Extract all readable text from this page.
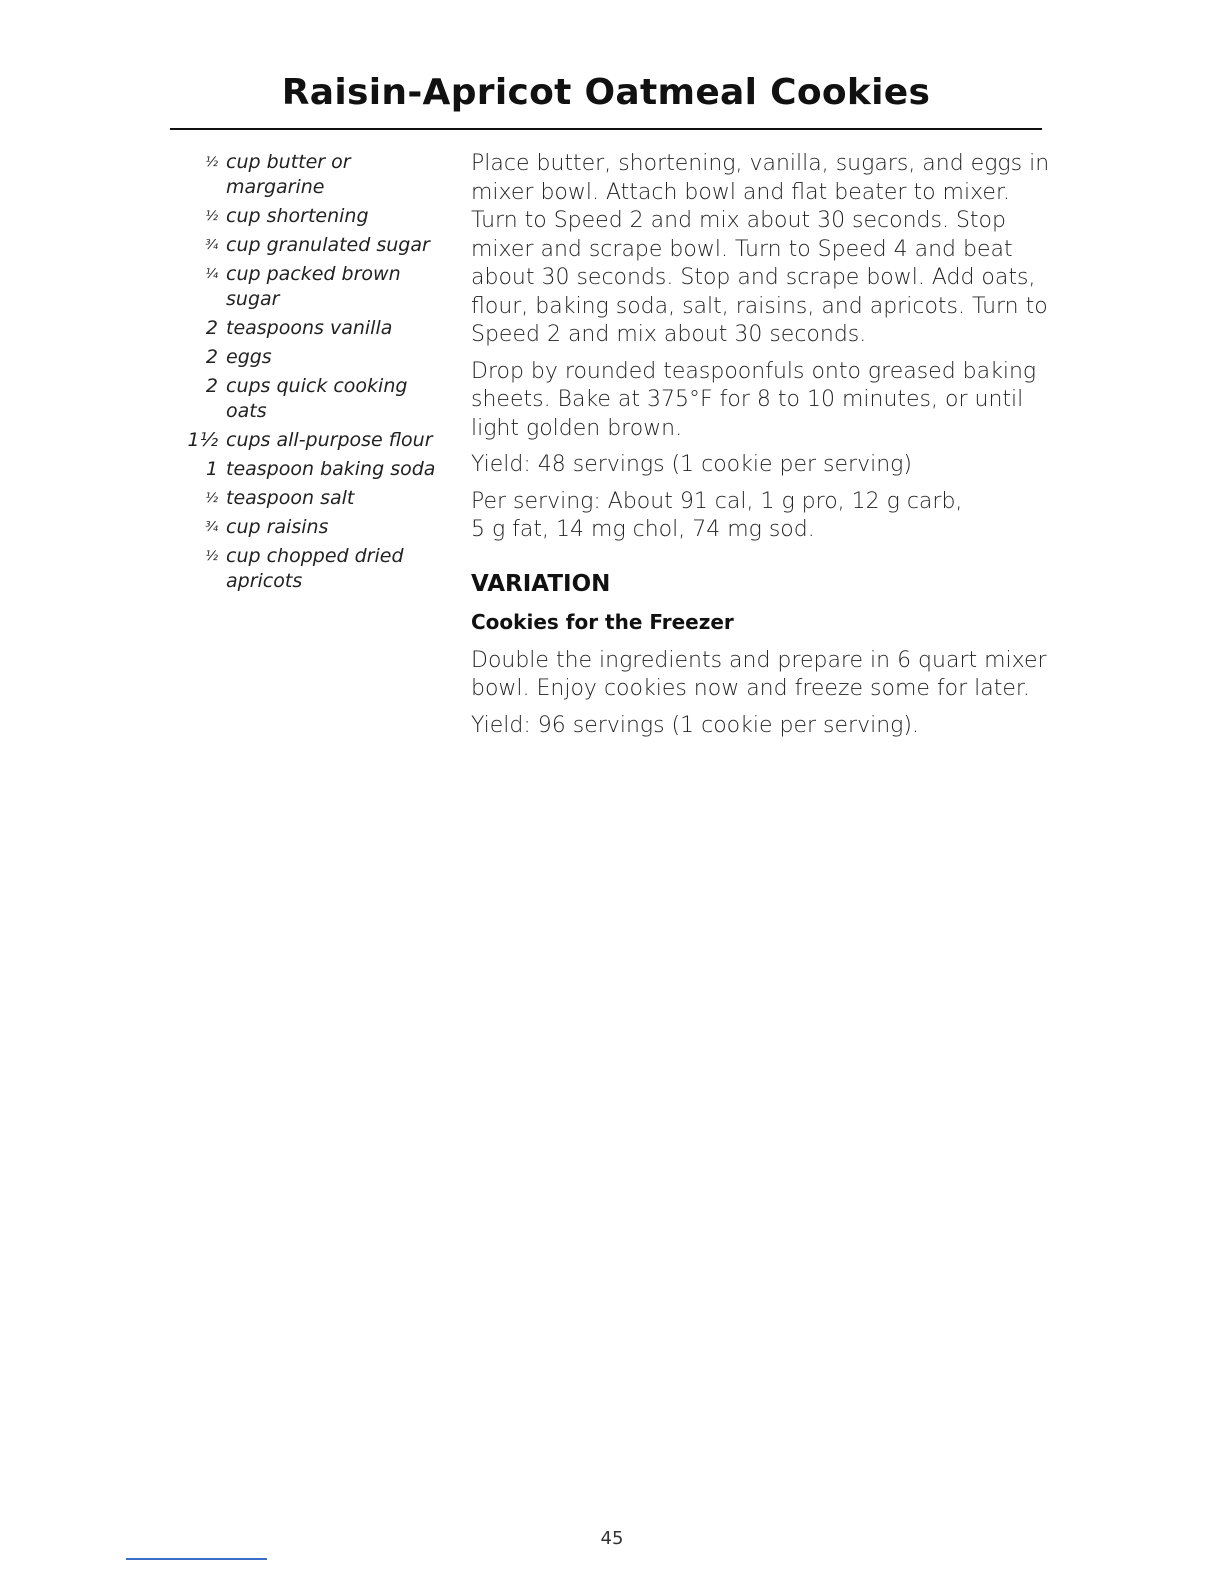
Raisin-Apricot Oatmeal Cookies
½ cup butter or margarine
½ cup shortening
¾ cup granulated sugar
¼ cup packed brown sugar
2 teaspoons vanilla
2 eggs
2 cups quick cooking oats
1½ cups all-purpose flour
1 teaspoon baking soda
½ teaspoon salt
¾ cup raisins
½ cup chopped dried apricots

Place butter, shortening, vanilla, sugars, and eggs in mixer bowl. Attach bowl and flat beater to mixer. Turn to Speed 2 and mix about 30 seconds. Stop mixer and scrape bowl. Turn to Speed 4 and beat about 30 seconds. Stop and scrape bowl. Add oats, flour, baking soda, salt, raisins, and apricots. Turn to Speed 2 and mix about 30 seconds.

Drop by rounded teaspoonfuls onto greased baking sheets. Bake at 375°F for 8 to 10 minutes, or until light golden brown.

Yield: 48 servings (1 cookie per serving)

Per serving: About 91 cal, 1 g pro, 12 g carb,
5 g fat, 14 mg chol, 74 mg sod.

VARIATION
Cookies for the Freezer

Double the ingredients and prepare in 6 quart mixer bowl. Enjoy cookies now and freeze some for later.

Yield: 96 servings (1 cookie per serving).

45
